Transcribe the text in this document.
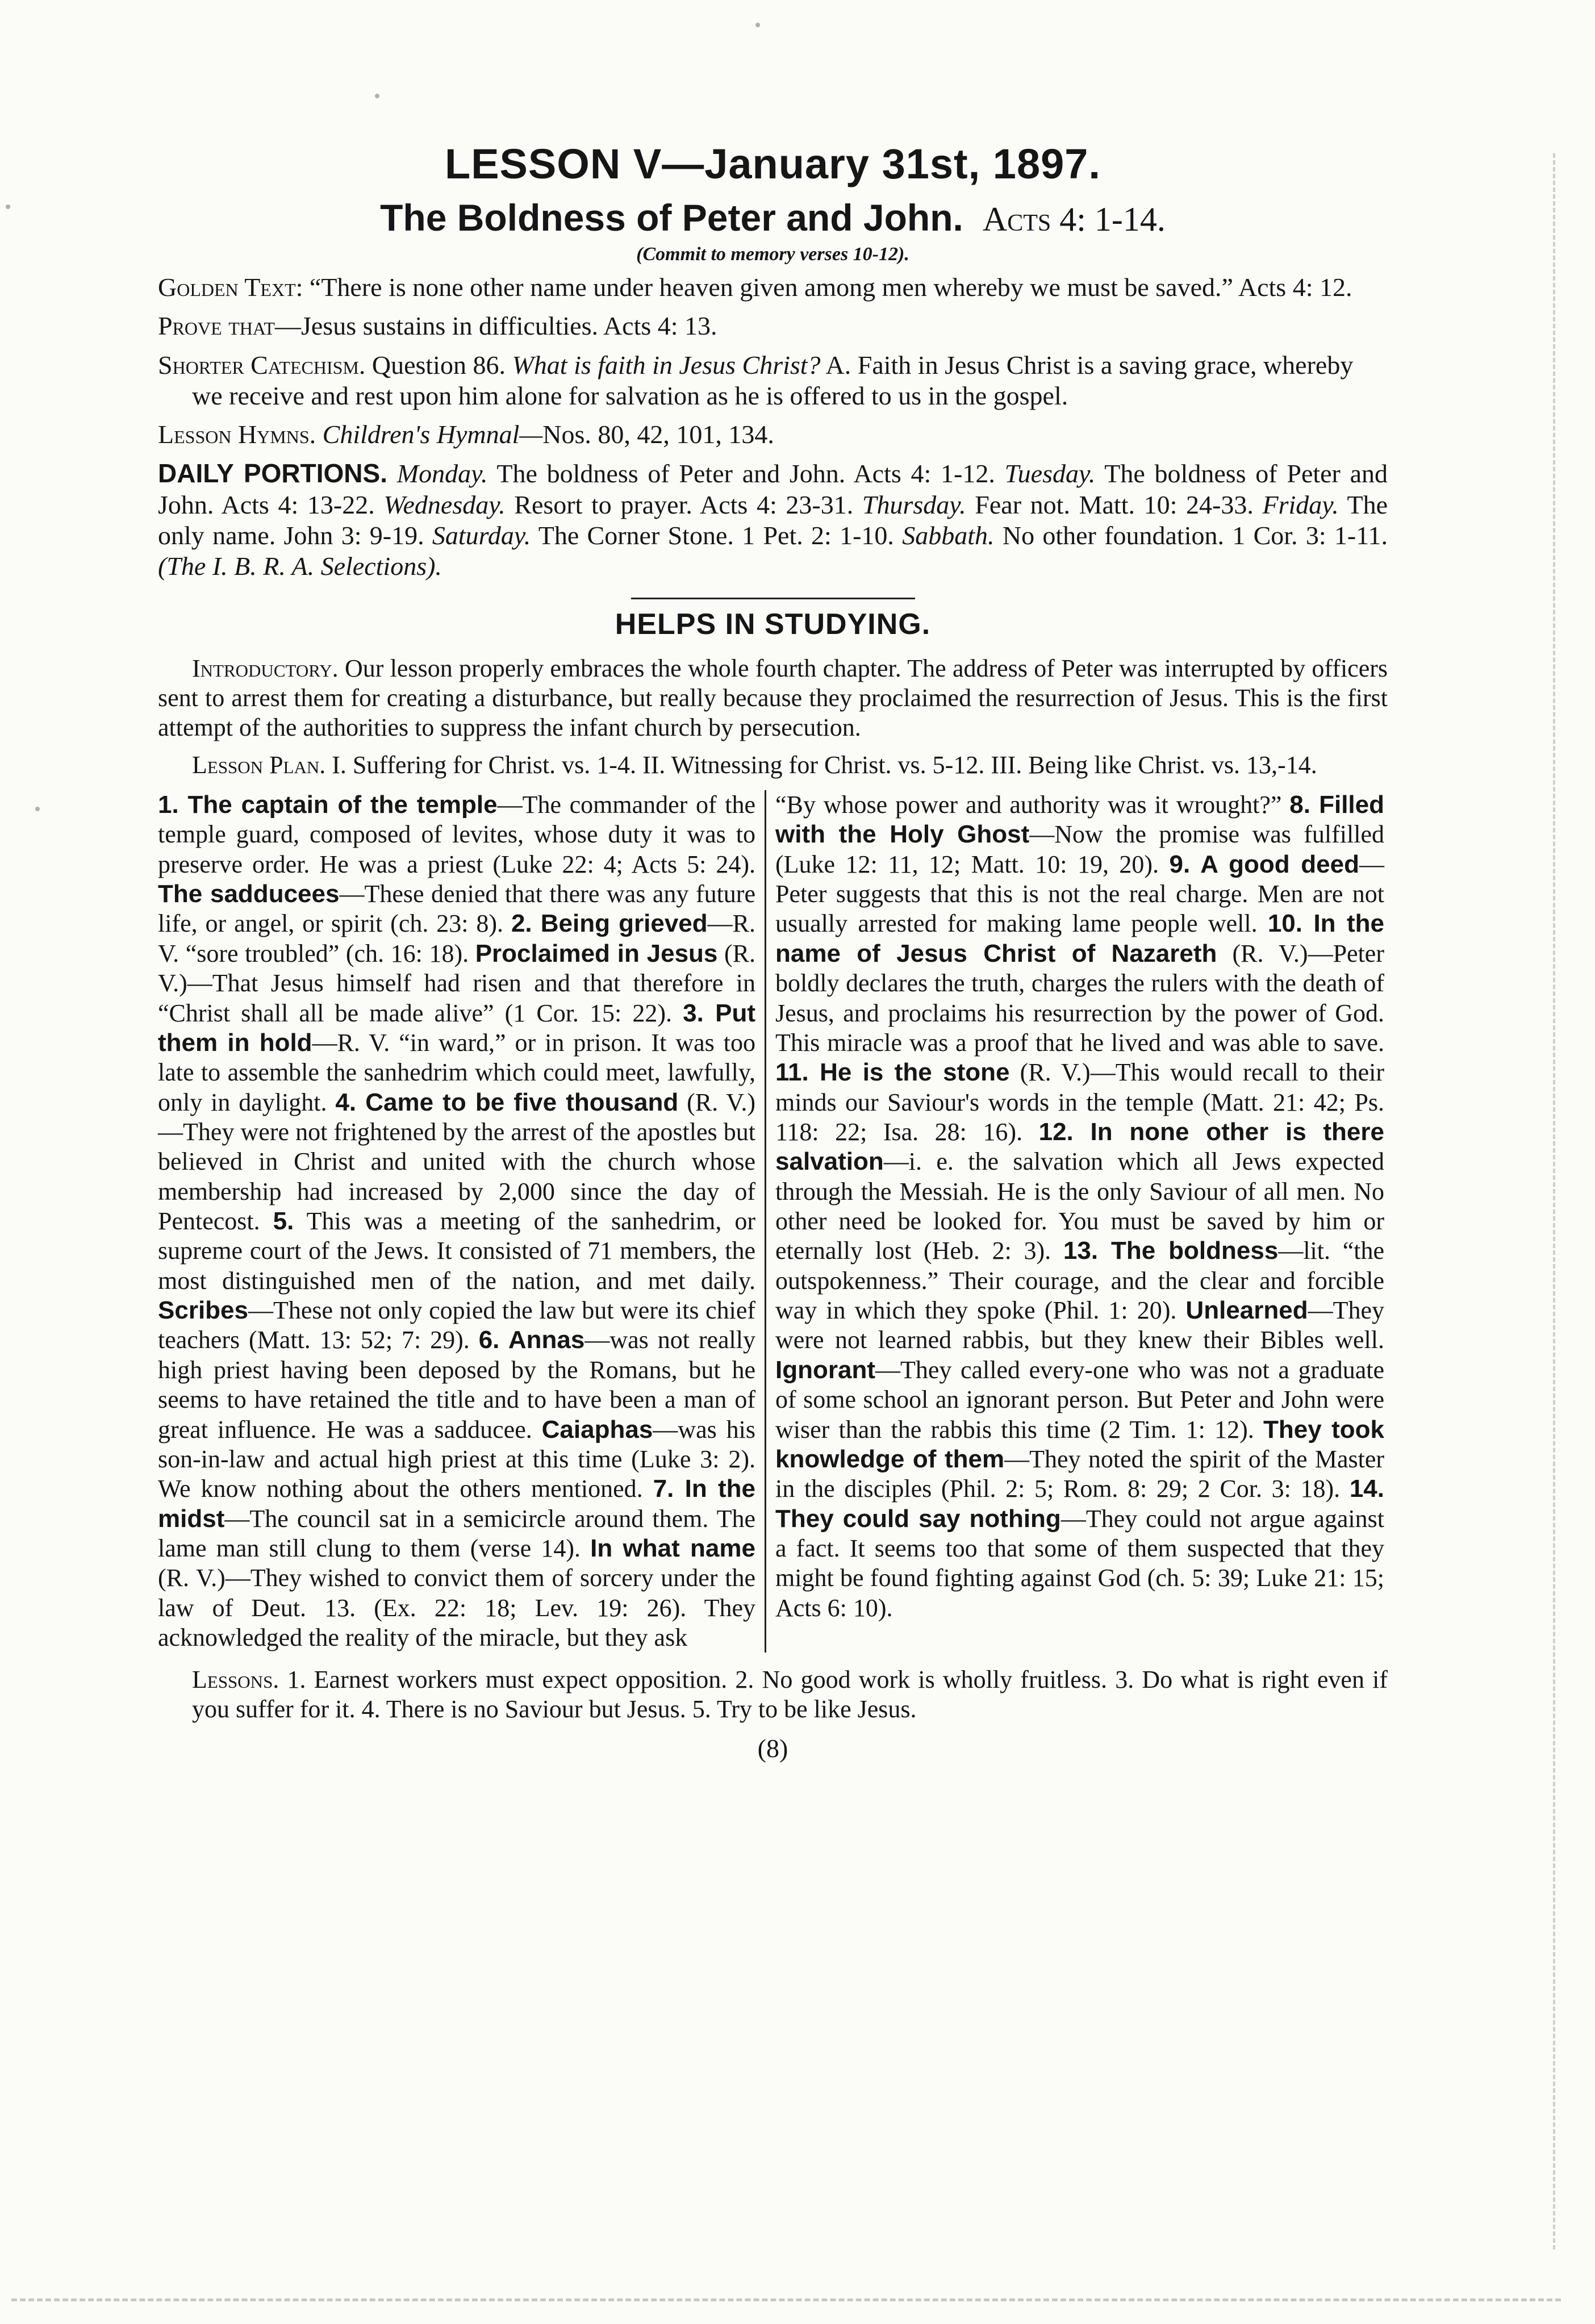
LESSON V—January 31st, 1897.
The Boldness of Peter and John. Acts 4: 1-14.
(Commit to memory verses 10-12).

Golden Text: “There is none other name under heaven given among men whereby we must be saved.” Acts 4: 12.

Prove that—Jesus sustains in difficulties. Acts 4: 13.

Shorter Catechism. Question 86. What is faith in Jesus Christ? A. Faith in Jesus Christ is a saving grace, whereby we receive and rest upon him alone for salvation as he is offered to us in the gospel.

Lesson Hymns. Children's Hymnal—Nos. 80, 42, 101, 134.

DAILY PORTIONS. Monday. The boldness of Peter and John. Acts 4: 1-12. Tuesday. The boldness of Peter and John. Acts 4: 13-22. Wednesday. Resort to prayer. Acts 4: 23-31. Thursday. Fear not. Matt. 10: 24-33. Friday. The only name. John 3: 9-19. Saturday. The Corner Stone. 1 Pet. 2: 1-10. Sabbath. No other foundation. 1 Cor. 3: 1-11. (The I. B. R. A. Selections).

HELPS IN STUDYING.

Introductory. Our lesson properly embraces the whole fourth chapter. The address of Peter was interrupted by officers sent to arrest them for creating a disturbance, but really because they proclaimed the resurrection of Jesus. This is the first attempt of the authorities to suppress the infant church by persecution.

Lesson Plan. I. Suffering for Christ. vs. 1-4. II. Witnessing for Christ. vs. 5-12. III. Being like Christ. vs. 13,-14.

1. The captain of the temple—The commander of the temple guard, composed of levites, whose duty it was to preserve order. He was a priest (Luke 22: 4; Acts 5: 24). The sadducees—These denied that there was any future life, or angel, or spirit (ch. 23: 8). 2. Being grieved—R. V. “sore troubled” (ch. 16: 18). Proclaimed in Jesus (R. V.)—That Jesus himself had risen and that therefore in “Christ shall all be made alive” (1 Cor. 15: 22). 3. Put them in hold—R. V. “in ward,” or in prison. It was too late to assemble the sanhedrim which could meet, lawfully, only in daylight. 4. Came to be five thousand (R. V.)—They were not frightened by the arrest of the apostles but believed in Christ and united with the church whose membership had increased by 2,000 since the day of Pentecost. 5. This was a meeting of the sanhedrim, or supreme court of the Jews. It consisted of 71 members, the most distinguished men of the nation, and met daily. Scribes—These not only copied the law but were its chief teachers (Matt. 13: 52; 7: 29). 6. Annas—was not really high priest having been deposed by the Romans, but he seems to have retained the title and to have been a man of great influence. He was a sadducee. Caiaphas—was his son-in-law and actual high priest at this time (Luke 3: 2). We know nothing about the others mentioned. 7. In the midst—The council sat in a semicircle around them. The lame man still clung to them (verse 14). In what name (R. V.)—They wished to convict them of sorcery under the law of Deut. 13. (Ex. 22: 18; Lev. 19: 26). They acknowledged the reality of the miracle, but they ask

“By whose power and authority was it wrought?” 8. Filled with the Holy Ghost—Now the promise was fulfilled (Luke 12: 11, 12; Matt. 10: 19, 20). 9. A good deed—Peter suggests that this is not the real charge. Men are not usually arrested for making lame people well. 10. In the name of Jesus Christ of Nazareth (R. V.)—Peter boldly declares the truth, charges the rulers with the death of Jesus, and proclaims his resurrection by the power of God. This miracle was a proof that he lived and was able to save. 11. He is the stone (R. V.)—This would recall to their minds our Saviour's words in the temple (Matt. 21: 42; Ps. 118: 22; Isa. 28: 16). 12. In none other is there salvation—i. e. the salvation which all Jews expected through the Messiah. He is the only Saviour of all men. No other need be looked for. You must be saved by him or eternally lost (Heb. 2: 3). 13. The boldness—lit. “the outspokenness.” Their courage, and the clear and forcible way in which they spoke (Phil. 1: 20). Unlearned—They were not learned rabbis, but they knew their Bibles well. Ignorant—They called every-one who was not a graduate of some school an ignorant person. But Peter and John were wiser than the rabbis this time (2 Tim. 1: 12). They took knowledge of them—They noted the spirit of the Master in the disciples (Phil. 2: 5; Rom. 8: 29; 2 Cor. 3: 18). 14. They could say nothing—They could not argue against a fact. It seems too that some of them suspected that they might be found fighting against God (ch. 5: 39; Luke 21: 15; Acts 6: 10).

Lessons. 1. Earnest workers must expect opposition. 2. No good work is wholly fruitless. 3. Do what is right even if you suffer for it. 4. There is no Saviour but Jesus. 5. Try to be like Jesus.

(8)
